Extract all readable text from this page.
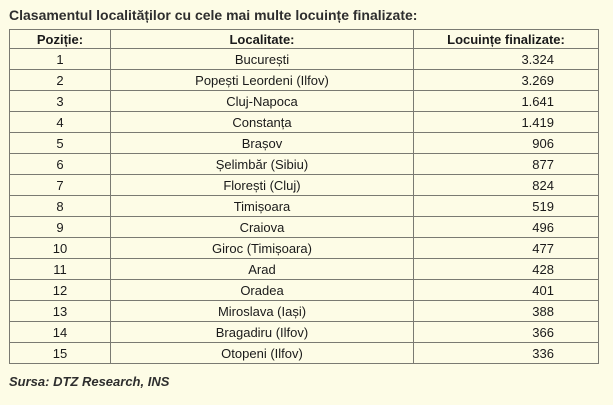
Clasamentul localităților cu cele mai multe locuințe finalizate:
Poziție:	Localitate:	Locuințe finalizate:
1	București	3.324
2	Popești Leordeni (Ilfov)	3.269
3	Cluj-Napoca	1.641
4	Constanța	1.419
5	Brașov	906
6	Șelimbăr (Sibiu)	877
7	Florești (Cluj)	824
8	Timișoara	519
9	Craiova	496
10	Giroc (Timișoara)	477
11	Arad	428
12	Oradea	401
13	Miroslava (Iași)	388
14	Bragadiru (Ilfov)	366
15	Otopeni (Ilfov)	336
Sursa: DTZ Research, INS
